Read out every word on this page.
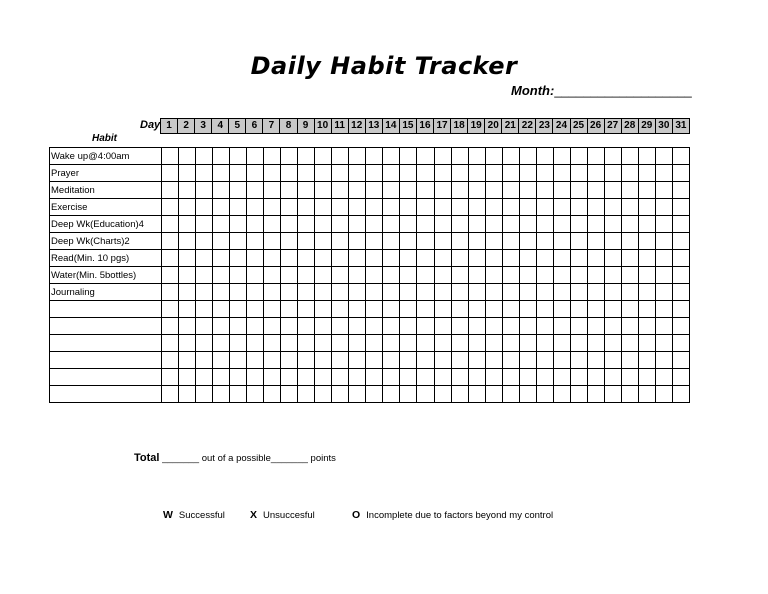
Daily Habit Tracker
Month:___________________
Day
Habit
1	2	3	4	5	6	7	8	9	10	11	12	13	14	15	16	17	18	19	20	21	22	23	24	25	26	27	28	29	30	31
Wake up@4:00am																															
Prayer																															
Meditation																															
Exercise																															
Deep Wk(Education)4																															
Deep Wk(Charts)2																															
Read(Min. 10 pgs)																															
Water(Min. 5bottles)																															
Journaling																															

Total _______ out of a possible_______ points
W Successful X Unsuccesful	O Incomplete due to factors beyond my control
